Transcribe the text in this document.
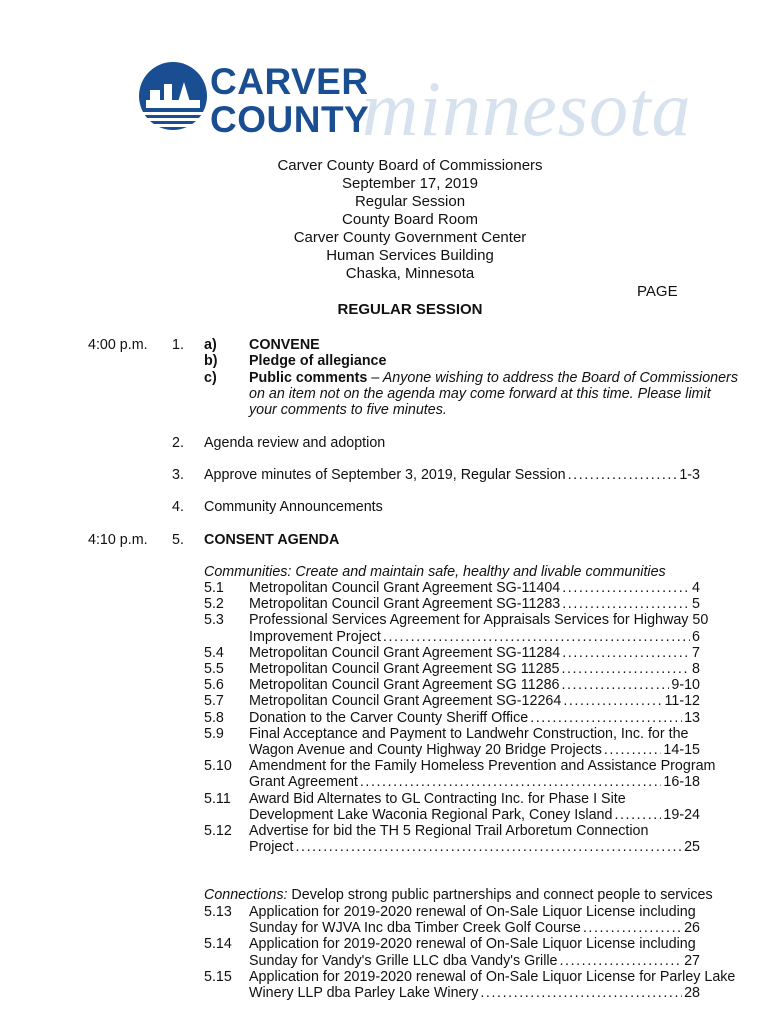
minnesota
CARVER
COUNTY
Carver County Board of Commissioners
September 17, 2019
Regular Session
County Board Room
Carver County Government Center
Human Services Building
Chaska, Minnesota
PAGE
REGULAR SESSION
4:00 p.m. 1. a) CONVENE
b) Pledge of allegiance
c) Public comments – Anyone wishing to address the Board of Commissioners
on an item not on the agenda may come forward at this time. Please limit
your comments to five minutes.
2. Agenda review and adoption
3. Approve minutes of September 3, 2019, Regular Session . . .	1-3
4. Community Announcements
4:10 p.m. 5. CONSENT AGENDA
Communities: Create and maintain safe, healthy and livable communities
5.1 Metropolitan Council Grant Agreement SG-11404 . . .	4
5.2 Metropolitan Council Grant Agreement SG-11283 . . .	5
5.3 Professional Services Agreement for Appraisals Services for Highway 50
Improvement Project . . .	6
5.4 Metropolitan Council Grant Agreement SG-11284 . . .	7
5.5 Metropolitan Council Grant Agreement SG 11285 . . .	8
5.6 Metropolitan Council Grant Agreement SG 11286 . . .	9-10
5.7 Metropolitan Council Grant Agreement SG-12264 . . .	11-12
5.8 Donation to the Carver County Sheriff Office . . .	13
5.9 Final Acceptance and Payment to Landwehr Construction, Inc. for the
Wagon Avenue and County Highway 20 Bridge Projects . . .	14-15
5.10 Amendment for the Family Homeless Prevention and Assistance Program
Grant Agreement . . .	16-18
5.11 Award Bid Alternates to GL Contracting Inc. for Phase I Site
Development Lake Waconia Regional Park, Coney Island . . .	19-24
5.12 Advertise for bid the TH 5 Regional Trail Arboretum Connection
Project . . .	25
Connections: Develop strong public partnerships and connect people to services
5.13 Application for 2019-2020 renewal of On-Sale Liquor License including
Sunday for WJVA Inc dba Timber Creek Golf Course . . .	26
5.14 Application for 2019-2020 renewal of On-Sale Liquor License including
Sunday for Vandy's Grille LLC dba Vandy's Grille . . .	27
5.15 Application for 2019-2020 renewal of On-Sale Liquor License for Parley Lake
Winery LLP dba Parley Lake Winery . . .	28
